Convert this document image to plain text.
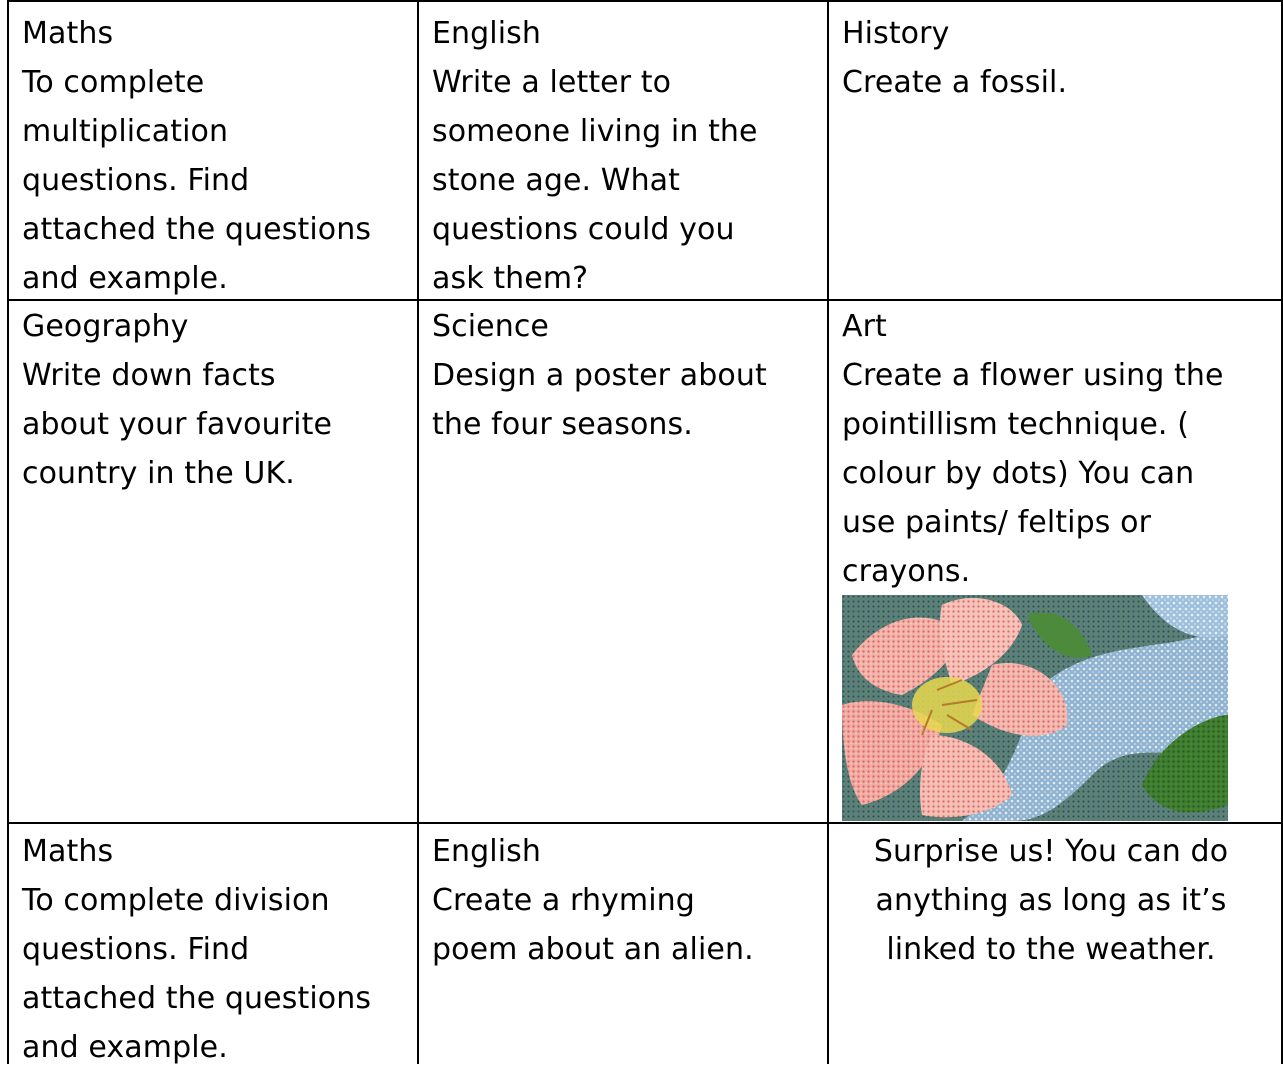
Maths
To complete
multiplication
questions. Find
attached the questions
and example.
English
Write a letter to
someone living in the
stone age. What
questions could you
ask them?
History
Create a fossil.
Geography
Write down facts
about your favourite
country in the UK.
Science
Design a poster about
the four seasons.
Art
Create a flower using the
pointillism technique. (
colour by dots) You can
use paints/ feltips or
crayons.
Maths
To complete division
questions. Find
attached the questions
and example.
English
Create a rhyming
poem about an alien.
Surprise us! You can do
anything as long as it’s
linked to the weather.
